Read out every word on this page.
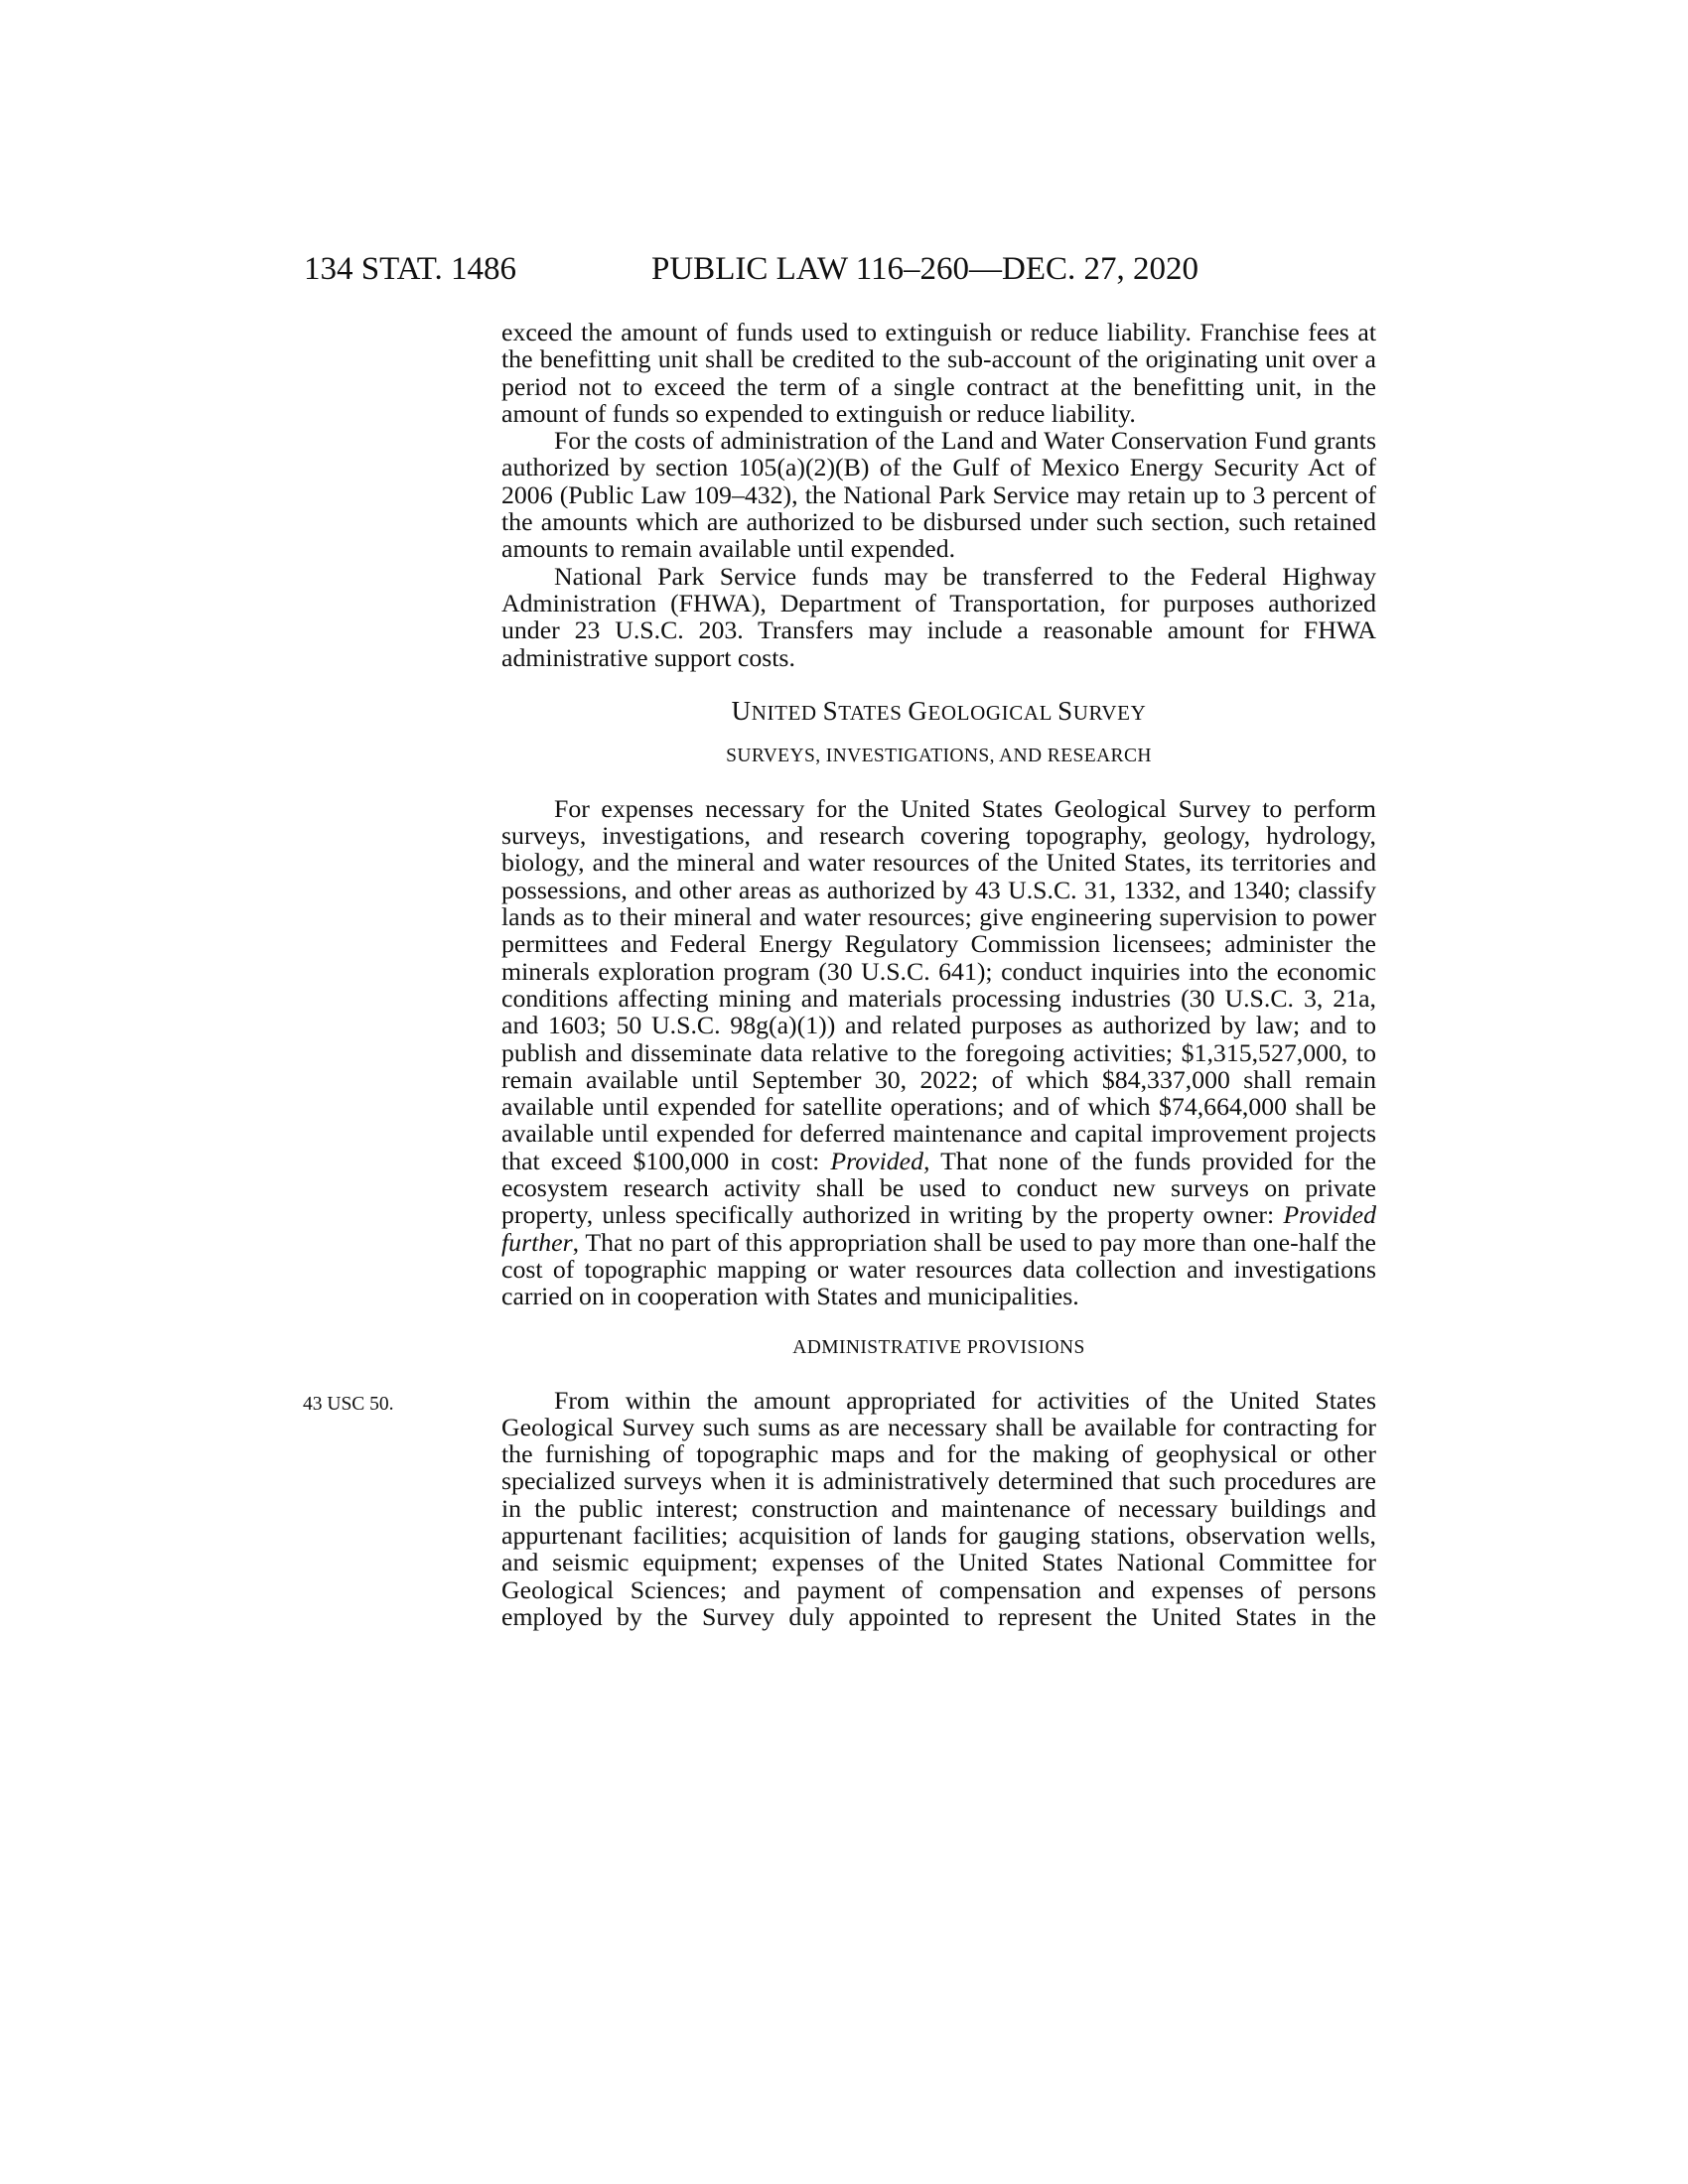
134 STAT. 1486	PUBLIC LAW 116–260—DEC. 27, 2020
43 USC 50.

exceed the amount of funds used to extinguish or reduce liability. Franchise fees at the benefitting unit shall be credited to the sub-account of the originating unit over a period not to exceed the term of a single contract at the benefitting unit, in the amount of funds so expended to extinguish or reduce liability.

For the costs of administration of the Land and Water Conservation Fund grants authorized by section 105(a)(2)(B) of the Gulf of Mexico Energy Security Act of 2006 (Public Law 109–432), the National Park Service may retain up to 3 percent of the amounts which are authorized to be disbursed under such section, such retained amounts to remain available until expended.

National Park Service funds may be transferred to the Federal Highway Administration (FHWA), Department of Transportation, for purposes authorized under 23 U.S.C. 203. Transfers may include a reasonable amount for FHWA administrative support costs.

UNITED STATES GEOLOGICAL SURVEY
SURVEYS, INVESTIGATIONS, AND RESEARCH

For expenses necessary for the United States Geological Survey to perform surveys, investigations, and research covering topography, geology, hydrology, biology, and the mineral and water resources of the United States, its territories and possessions, and other areas as authorized by 43 U.S.C. 31, 1332, and 1340; classify lands as to their mineral and water resources; give engineering supervision to power permittees and Federal Energy Regulatory Commission licensees; administer the minerals exploration program (30 U.S.C. 641); conduct inquiries into the economic conditions affecting mining and materials processing industries (30 U.S.C. 3, 21a, and 1603; 50 U.S.C. 98g(a)(1)) and related purposes as authorized by law; and to publish and disseminate data relative to the foregoing activities; $1,315,527,000, to remain available until September 30, 2022; of which $84,337,000 shall remain available until expended for satellite operations; and of which $74,664,000 shall be available until expended for deferred maintenance and capital improvement projects that exceed $100,000 in cost: Provided, That none of the funds provided for the ecosystem research activity shall be used to conduct new surveys on private property, unless specifically authorized in writing by the property owner: Provided further, That no part of this appropriation shall be used to pay more than one-half the cost of topographic mapping or water resources data collection and investigations carried on in cooperation with States and municipalities.

ADMINISTRATIVE PROVISIONS

From within the amount appropriated for activities of the United States Geological Survey such sums as are necessary shall be available for contracting for the furnishing of topographic maps and for the making of geophysical or other specialized surveys when it is administratively determined that such procedures are in the public interest; construction and maintenance of necessary buildings and appurtenant facilities; acquisition of lands for gauging stations, observation wells, and seismic equipment; expenses of the United States National Committee for Geological Sciences; and payment of compensation and expenses of persons employed by the Survey duly appointed to represent the United States in the
